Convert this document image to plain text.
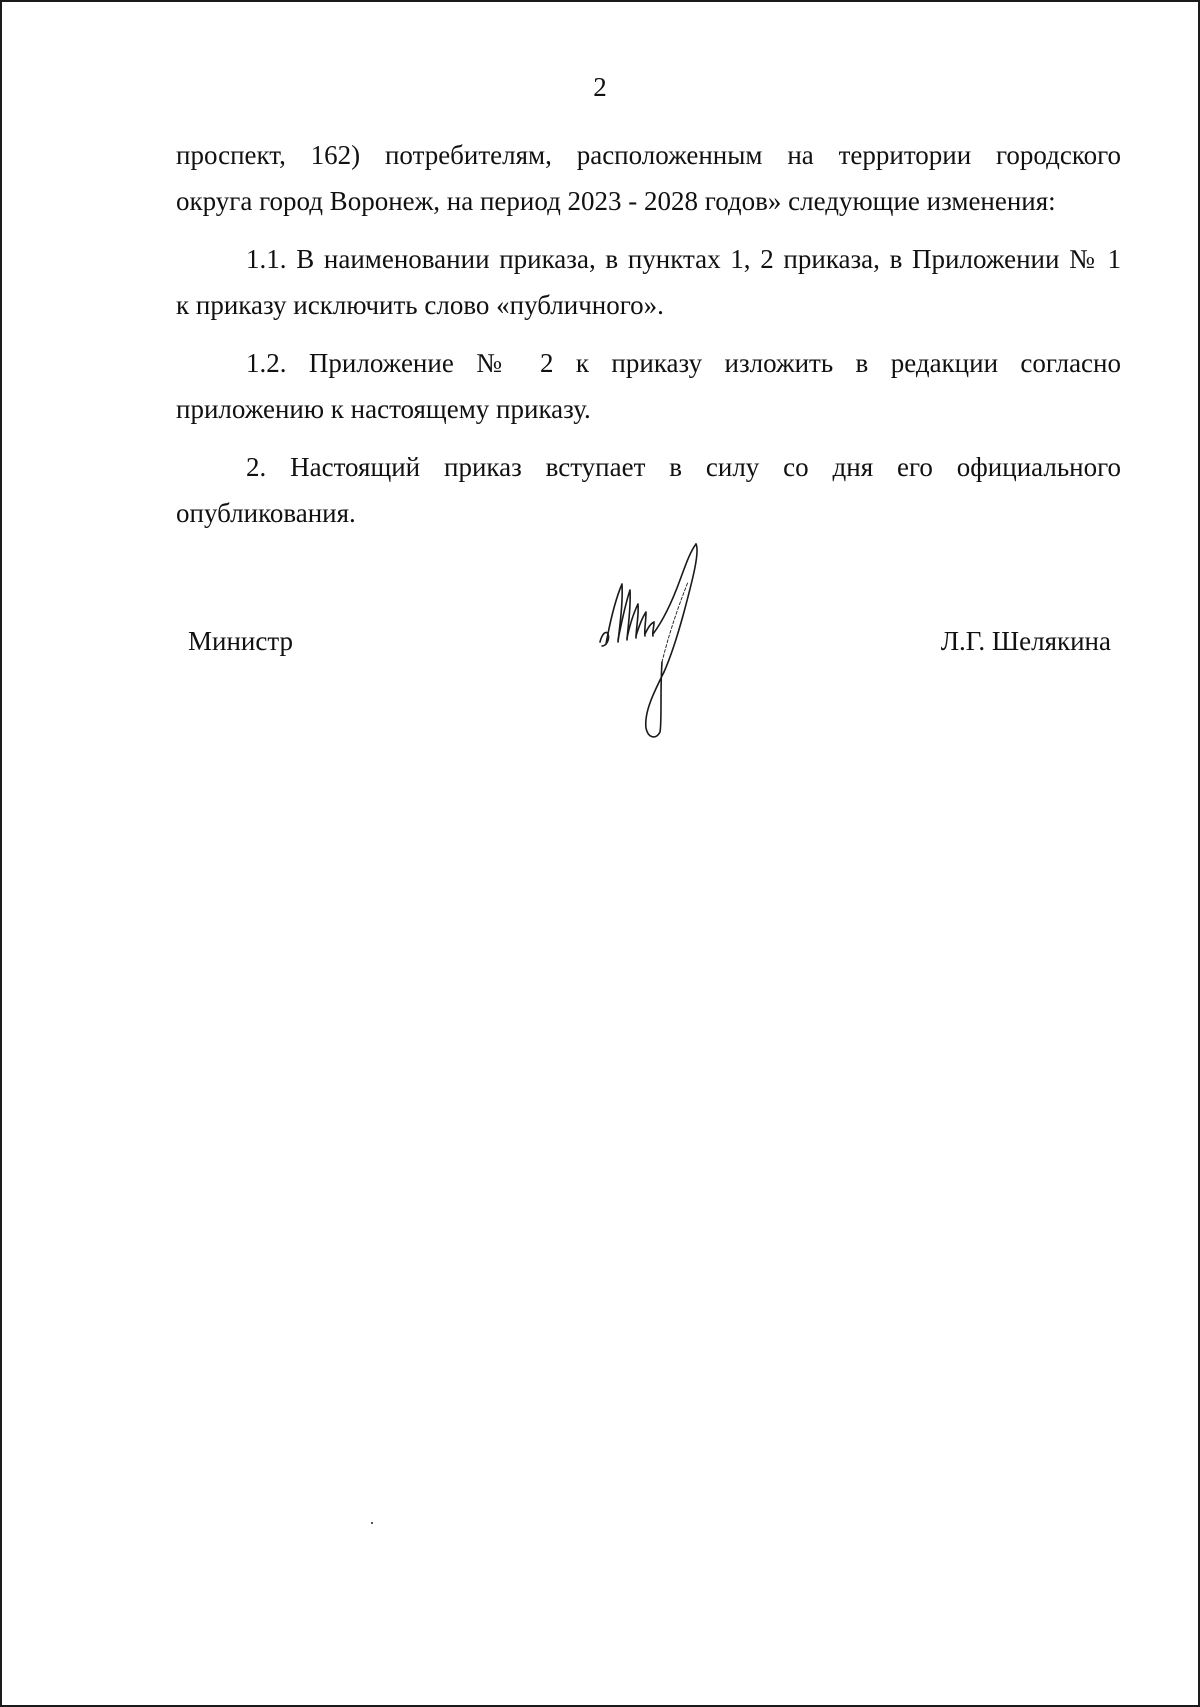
2

проспект, 162) потребителям, расположенным на территории городского

округа город Воронеж, на период 2023 - 2028 годов» следующие изменения:

1.1. В наименовании приказа, в пунктах 1, 2 приказа, в Приложении № 1

к приказу исключить слово «публичного».

1.2. Приложение № 2 к приказу изложить в редакции согласно

приложению к настоящему приказу.

2. Настоящий приказ вступает в силу со дня его официального

опубликования.

Министр	Л.Г. Шелякина
